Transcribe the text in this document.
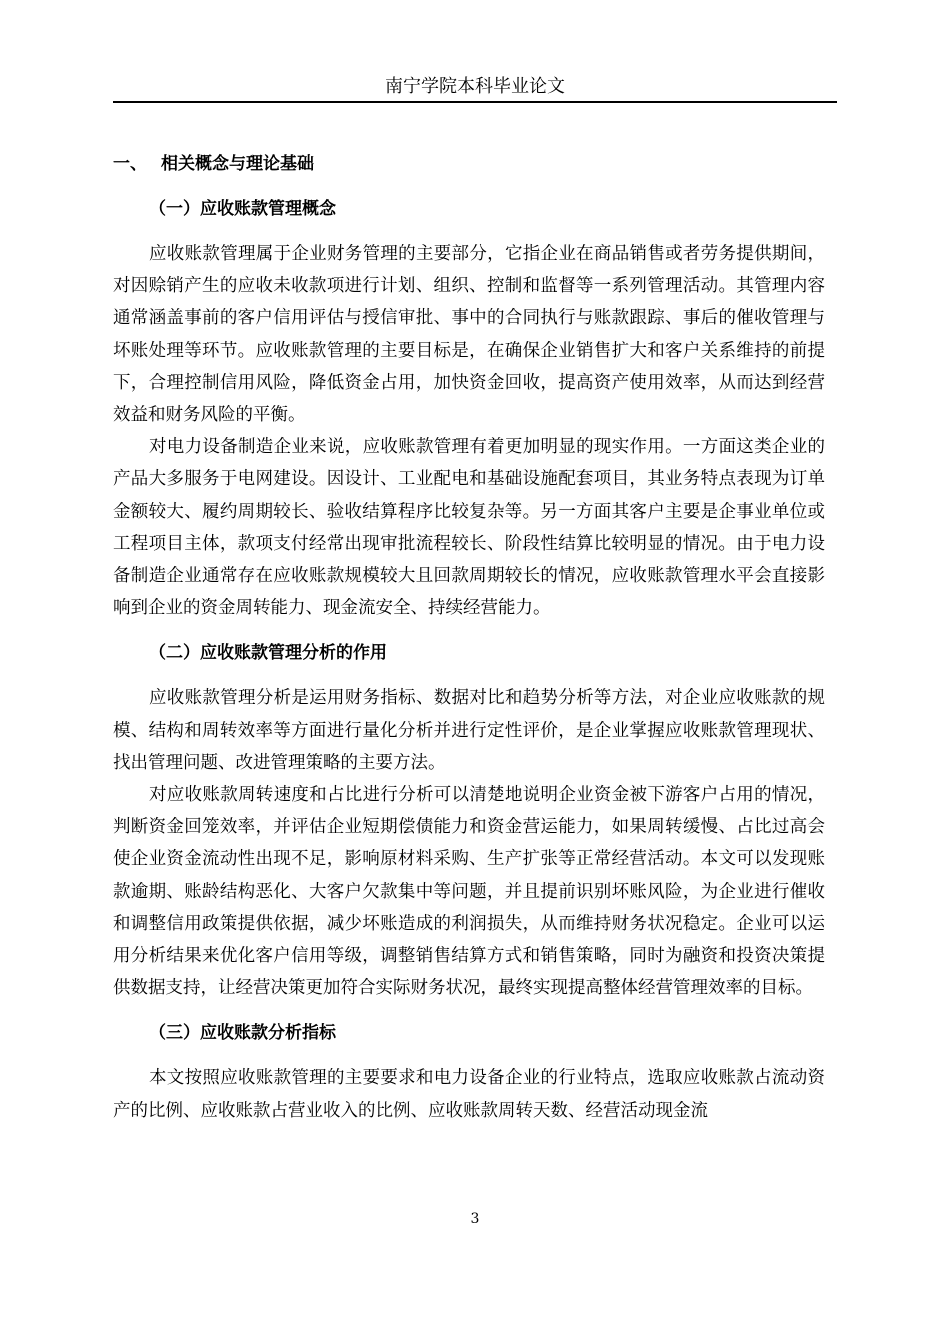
南宁学院本科毕业论文
一、 相关概念与理论基础
（一）应收账款管理概念

应收账款管理属于企业财务管理的主要部分，它指企业在商品销售或者劳务提供期间，对因赊销产生的应收未收款项进行计划、组织、控制和监督等一系列管理活动。其管理内容通常涵盖事前的客户信用评估与授信审批、事中的合同执行与账款跟踪、事后的催收管理与坏账处理等环节。应收账款管理的主要目标是，在确保企业销售扩大和客户关系维持的前提下，合理控制信用风险，降低资金占用，加快资金回收，提高资产使用效率，从而达到经营效益和财务风险的平衡。

对电力设备制造企业来说，应收账款管理有着更加明显的现实作用。一方面这类企业的产品大多服务于电网建设。因设计、工业配电和基础设施配套项目，其业务特点表现为订单金额较大、履约周期较长、验收结算程序比较复杂等。另一方面其客户主要是企事业单位或工程项目主体，款项支付经常出现审批流程较长、阶段性结算比较明显的情况。由于电力设备制造企业通常存在应收账款规模较大且回款周期较长的情况，应收账款管理水平会直接影响到企业的资金周转能力、现金流安全、持续经营能力。

（二）应收账款管理分析的作用

应收账款管理分析是运用财务指标、数据对比和趋势分析等方法，对企业应收账款的规模、结构和周转效率等方面进行量化分析并进行定性评价，是企业掌握应收账款管理现状、找出管理问题、改进管理策略的主要方法。

对应收账款周转速度和占比进行分析可以清楚地说明企业资金被下游客户占用的情况，判断资金回笼效率，并评估企业短期偿债能力和资金营运能力，如果周转缓慢、占比过高会使企业资金流动性出现不足，影响原材料采购、生产扩张等正常经营活动。本文可以发现账款逾期、账龄结构恶化、大客户欠款集中等问题，并且提前识别坏账风险，为企业进行催收和调整信用政策提供依据，减少坏账造成的利润损失，从而维持财务状况稳定。企业可以运用分析结果来优化客户信用等级，调整销售结算方式和销售策略，同时为融资和投资决策提供数据支持，让经营决策更加符合实际财务状况，最终实现提高整体经营管理效率的目标。

（三）应收账款分析指标

本文按照应收账款管理的主要要求和电力设备企业的行业特点，选取应收账款占流动资产的比例、应收账款占营业收入的比例、应收账款周转天数、经营活动现金流

3
